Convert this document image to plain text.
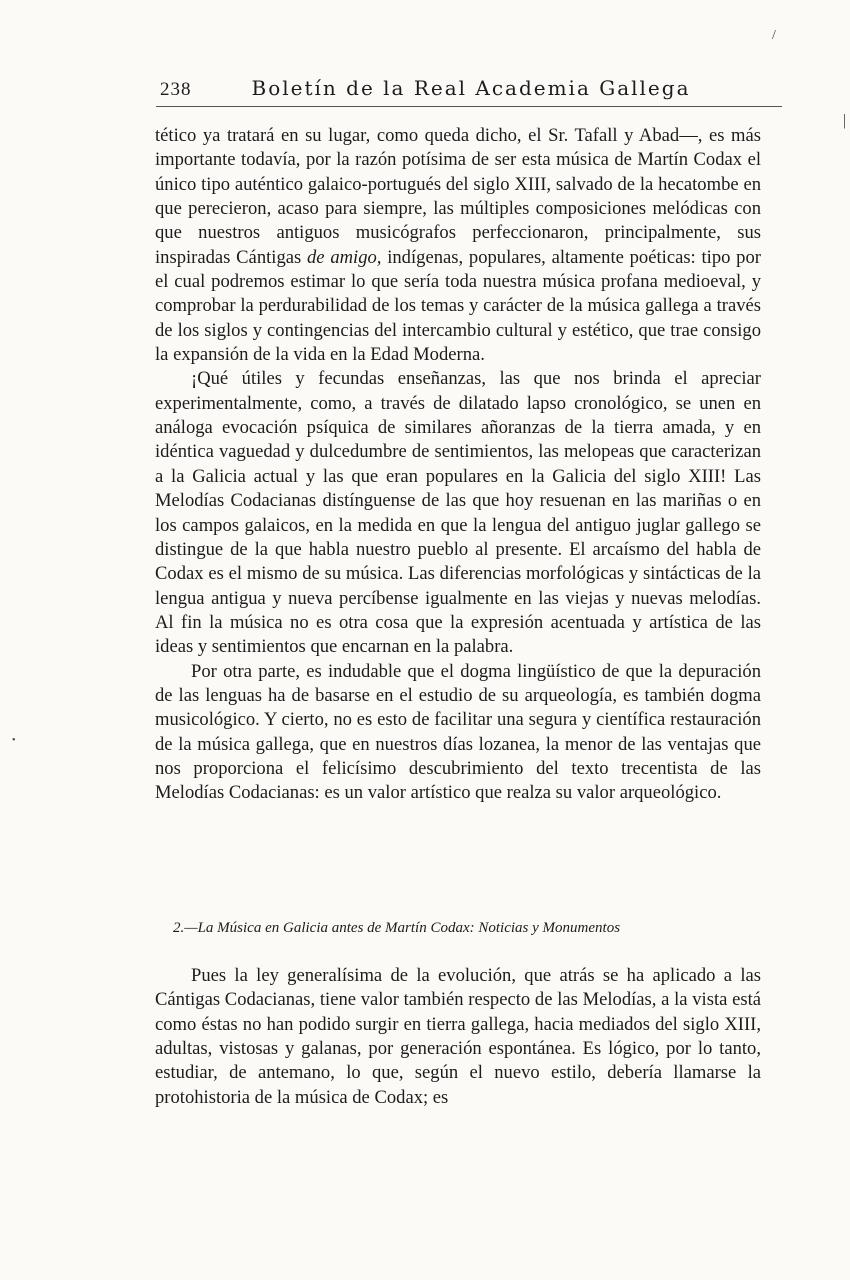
238	Boletín de la Real Academia Gallega

tético ya tratará en su lugar, como queda dicho, el Sr. Tafall y Abad—, es más importante todavía, por la razón potísima de ser esta música de Martín Codax el único tipo auténtico galaico-portugués del siglo XIII, salvado de la hecatombe en que perecieron, acaso para siempre, las múltiples composiciones melódicas con que nuestros antiguos musicógrafos perfeccionaron, principalmente, sus inspiradas Cántigas de amigo, indígenas, populares, altamente poéticas: tipo por el cual podremos estimar lo que sería toda nuestra música profana medioeval, y comprobar la perdurabilidad de los temas y carácter de la música gallega a través de los siglos y contingencias del intercambio cultural y estético, que trae consigo la expansión de la vida en la Edad Moderna.

¡Qué útiles y fecundas enseñanzas, las que nos brinda el apreciar experimentalmente, como, a través de dilatado lapso cronológico, se unen en análoga evocación psíquica de similares añoranzas de la tierra amada, y en idéntica vaguedad y dulcedumbre de sentimientos, las melopeas que caracterizan a la Galicia actual y las que eran populares en la Galicia del siglo XIII! Las Melodías Codacianas distínguense de las que hoy resuenan en las mariñas o en los campos galaicos, en la medida en que la lengua del antiguo juglar gallego se distingue de la que habla nuestro pueblo al presente. El arcaísmo del habla de Codax es el mismo de su música. Las diferencias morfológicas y sintácticas de la lengua antigua y nueva percíbense igualmente en las viejas y nuevas melodías. Al fin la música no es otra cosa que la expresión acentuada y artística de las ideas y sentimientos que encarnan en la palabra.

Por otra parte, es indudable que el dogma lingüístico de que la depuración de las lenguas ha de basarse en el estudio de su arqueología, es también dogma musicológico. Y cierto, no es esto de facilitar una segura y científica restauración de la música gallega, que en nuestros días lozanea, la menor de las ventajas que nos proporciona el felicísimo descubrimiento del texto trecentista de las Melodías Codacianas: es un valor artístico que realza su valor arqueológico.

2.—La Música en Galicia antes de Martín Codax: Noticias y Monumentos

Pues la ley generalísima de la evolución, que atrás se ha aplicado a las Cántigas Codacianas, tiene valor también respecto de las Melodías, a la vista está como éstas no han podido surgir en tierra gallega, hacia mediados del siglo XIII, adultas, vistosas y galanas, por generación espontánea. Es lógico, por lo tanto, estudiar, de antemano, lo que, según el nuevo estilo, debería llamarse la protohistoria de la música de Codax; es

/
|
•
